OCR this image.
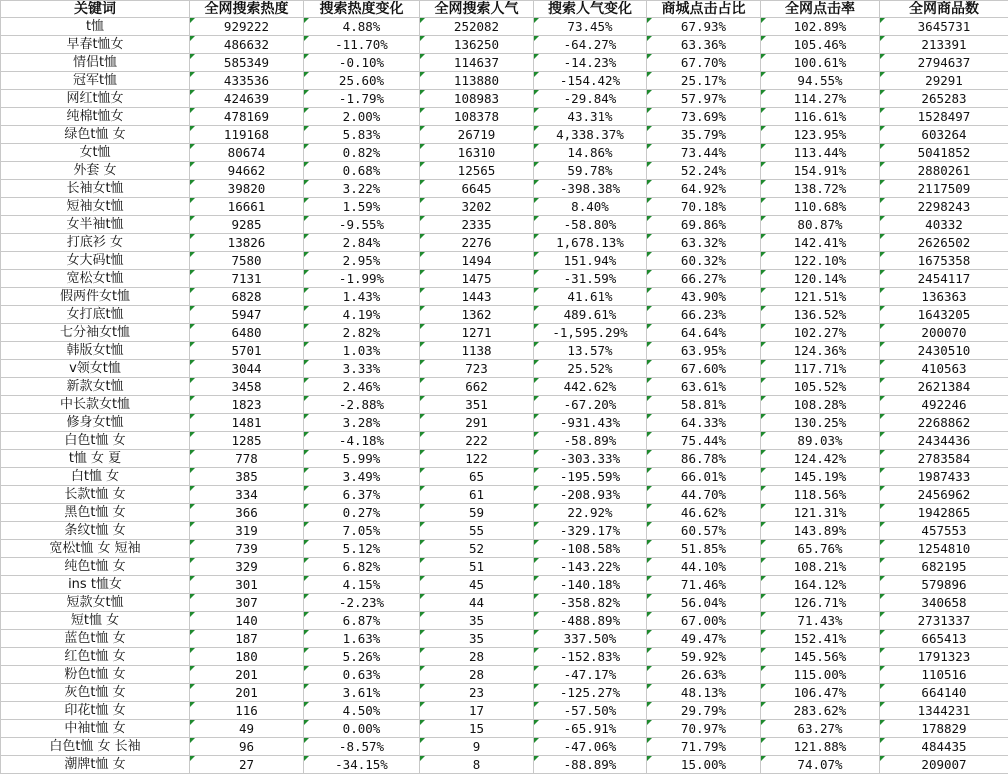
关键词	全网搜索热度	搜索热度变化	全网搜索人气	搜索人气变化	商城点击占比	全网点击率	全网商品数
t恤	929222	4.88%	252082	73.45%	67.93%	102.89%	3645731

早春t恤女	486632	-11.70%	136250	-64.27%	63.36%	105.46%	213391

情侣t恤	585349	-0.10%	114637	-14.23%	67.70%	100.61%	2794637

冠军t恤	433536	25.60%	113880	-154.42%	25.17%	94.55%	29291

网红t恤女	424639	-1.79%	108983	-29.84%	57.97%	114.27%	265283

纯棉t恤女	478169	2.00%	108378	43.31%	73.69%	116.61%	1528497

绿色t恤 女	119168	5.83%	26719	4,338.37%	35.79%	123.95%	603264

女t恤	80674	0.82%	16310	14.86%	73.44%	113.44%	5041852

外套 女	94662	0.68%	12565	59.78%	52.24%	154.91%	2880261

长袖女t恤	39820	3.22%	6645	-398.38%	64.92%	138.72%	2117509

短袖女t恤	16661	1.59%	3202	8.40%	70.18%	110.68%	2298243

女半袖t恤	9285	-9.55%	2335	-58.80%	69.86%	80.87%	40332

打底衫 女	13826	2.84%	2276	1,678.13%	63.32%	142.41%	2626502

女大码t恤	7580	2.95%	1494	151.94%	60.32%	122.10%	1675358

宽松女t恤	7131	-1.99%	1475	-31.59%	66.27%	120.14%	2454117

假两件女t恤	6828	1.43%	1443	41.61%	43.90%	121.51%	136363

女打底t恤	5947	4.19%	1362	489.61%	66.23%	136.52%	1643205

七分袖女t恤	6480	2.82%	1271	-1,595.29%	64.64%	102.27%	200070

韩版女t恤	5701	1.03%	1138	13.57%	63.95%	124.36%	2430510

v领女t恤	3044	3.33%	723	25.52%	67.60%	117.71%	410563

新款女t恤	3458	2.46%	662	442.62%	63.61%	105.52%	2621384

中长款女t恤	1823	-2.88%	351	-67.20%	58.81%	108.28%	492246

修身女t恤	1481	3.28%	291	-931.43%	64.33%	130.25%	2268862

白色t恤 女	1285	-4.18%	222	-58.89%	75.44%	89.03%	2434436

t恤 女 夏	778	5.99%	122	-303.33%	86.78%	124.42%	2783584

白t恤 女	385	3.49%	65	-195.59%	66.01%	145.19%	1987433

长款t恤 女	334	6.37%	61	-208.93%	44.70%	118.56%	2456962

黑色t恤 女	366	0.27%	59	22.92%	46.62%	121.31%	1942865

条纹t恤 女	319	7.05%	55	-329.17%	60.57%	143.89%	457553

宽松t恤 女 短袖	739	5.12%	52	-108.58%	51.85%	65.76%	1254810

纯色t恤 女	329	6.82%	51	-143.22%	44.10%	108.21%	682195

ins t恤女	301	4.15%	45	-140.18%	71.46%	164.12%	579896

短款女t恤	307	-2.23%	44	-358.82%	56.04%	126.71%	340658

短t恤 女	140	6.87%	35	-488.89%	67.00%	71.43%	2731337

蓝色t恤 女	187	1.63%	35	337.50%	49.47%	152.41%	665413

红色t恤 女	180	5.26%	28	-152.83%	59.92%	145.56%	1791323

粉色t恤 女	201	0.63%	28	-47.17%	26.63%	115.00%	110516

灰色t恤 女	201	3.61%	23	-125.27%	48.13%	106.47%	664140

印花t恤 女	116	4.50%	17	-57.50%	29.79%	283.62%	1344231

中袖t恤 女	49	0.00%	15	-65.91%	70.97%	63.27%	178829

白色t恤 女 长袖	96	-8.57%	9	-47.06%	71.79%	121.88%	484435

潮牌t恤 女	27	-34.15%	8	-88.89%	15.00%	74.07%	209007
